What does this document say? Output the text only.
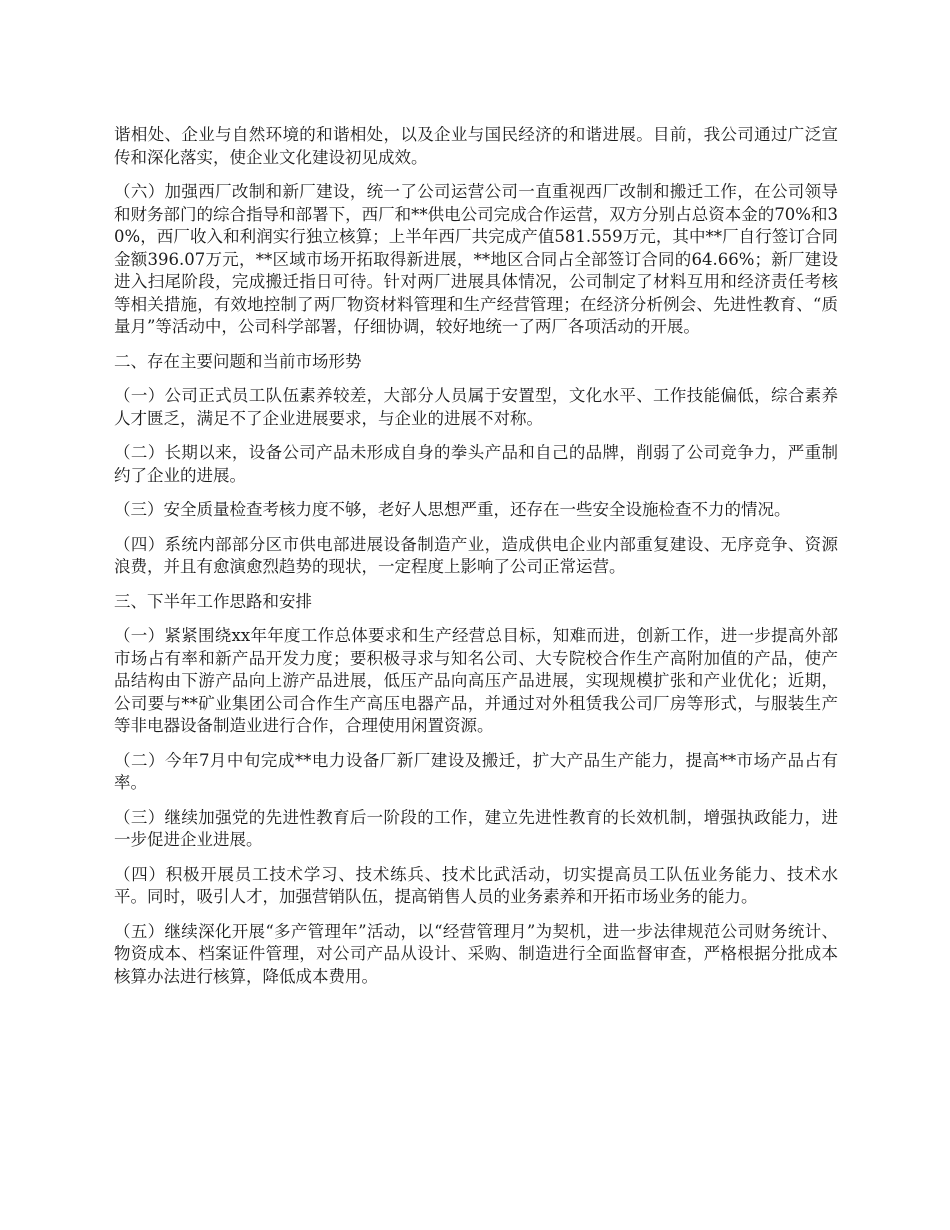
谐相处、企业与自然环境的和谐相处，以及企业与国民经济的和谐进展。目前，我公司通过广泛宣传和深化落实，使企业文化建设初见成效。

（六）加强西厂改制和新厂建设，统一了公司运营公司一直重视西厂改制和搬迁工作，在公司领导和财务部门的综合指导和部署下，西厂和**供电公司完成合作运营，双方分别占总资本金的70%和30%，西厂收入和利润实行独立核算；上半年西厂共完成产值581.559万元，其中**厂自行签订合同金额396.07万元，**区域市场开拓取得新进展，**地区合同占全部签订合同的64.66%；新厂建设进入扫尾阶段，完成搬迁指日可待。针对两厂进展具体情况，公司制定了材料互用和经济责任考核等相关措施，有效地控制了两厂物资材料管理和生产经营管理；在经济分析例会、先进性教育、“质量月”等活动中，公司科学部署，仔细协调，较好地统一了两厂各项活动的开展。

二、存在主要问题和当前市场形势

（一）公司正式员工队伍素养较差，大部分人员属于安置型，文化水平、工作技能偏低，综合素养人才匮乏，满足不了企业进展要求，与企业的进展不对称。

（二）长期以来，设备公司产品未形成自身的拳头产品和自己的品牌，削弱了公司竞争力，严重制约了企业的进展。

（三）安全质量检查考核力度不够，老好人思想严重，还存在一些安全设施检查不力的情况。

（四）系统内部部分区市供电部进展设备制造产业，造成供电企业内部重复建设、无序竞争、资源浪费，并且有愈演愈烈趋势的现状，一定程度上影响了公司正常运营。

三、下半年工作思路和安排

（一）紧紧围绕xx年年度工作总体要求和生产经营总目标，知难而进，创新工作，进一步提高外部市场占有率和新产品开发力度；要积极寻求与知名公司、大专院校合作生产高附加值的产品，使产品结构由下游产品向上游产品进展，低压产品向高压产品进展，实现规模扩张和产业优化；近期，公司要与**矿业集团公司合作生产高压电器产品，并通过对外租赁我公司厂房等形式，与服装生产等非电器设备制造业进行合作，合理使用闲置资源。

（二）今年7月中旬完成**电力设备厂新厂建设及搬迁，扩大产品生产能力，提高**市场产品占有率。

（三）继续加强党的先进性教育后一阶段的工作，建立先进性教育的长效机制，增强执政能力，进一步促进企业进展。

（四）积极开展员工技术学习、技术练兵、技术比武活动，切实提高员工队伍业务能力、技术水平。同时，吸引人才，加强营销队伍，提高销售人员的业务素养和开拓市场业务的能力。

（五）继续深化开展“多产管理年”活动，以“经营管理月”为契机，进一步法律规范公司财务统计、物资成本、档案证件管理，对公司产品从设计、采购、制造进行全面监督审查，严格根据分批成本核算办法进行核算，降低成本费用。
